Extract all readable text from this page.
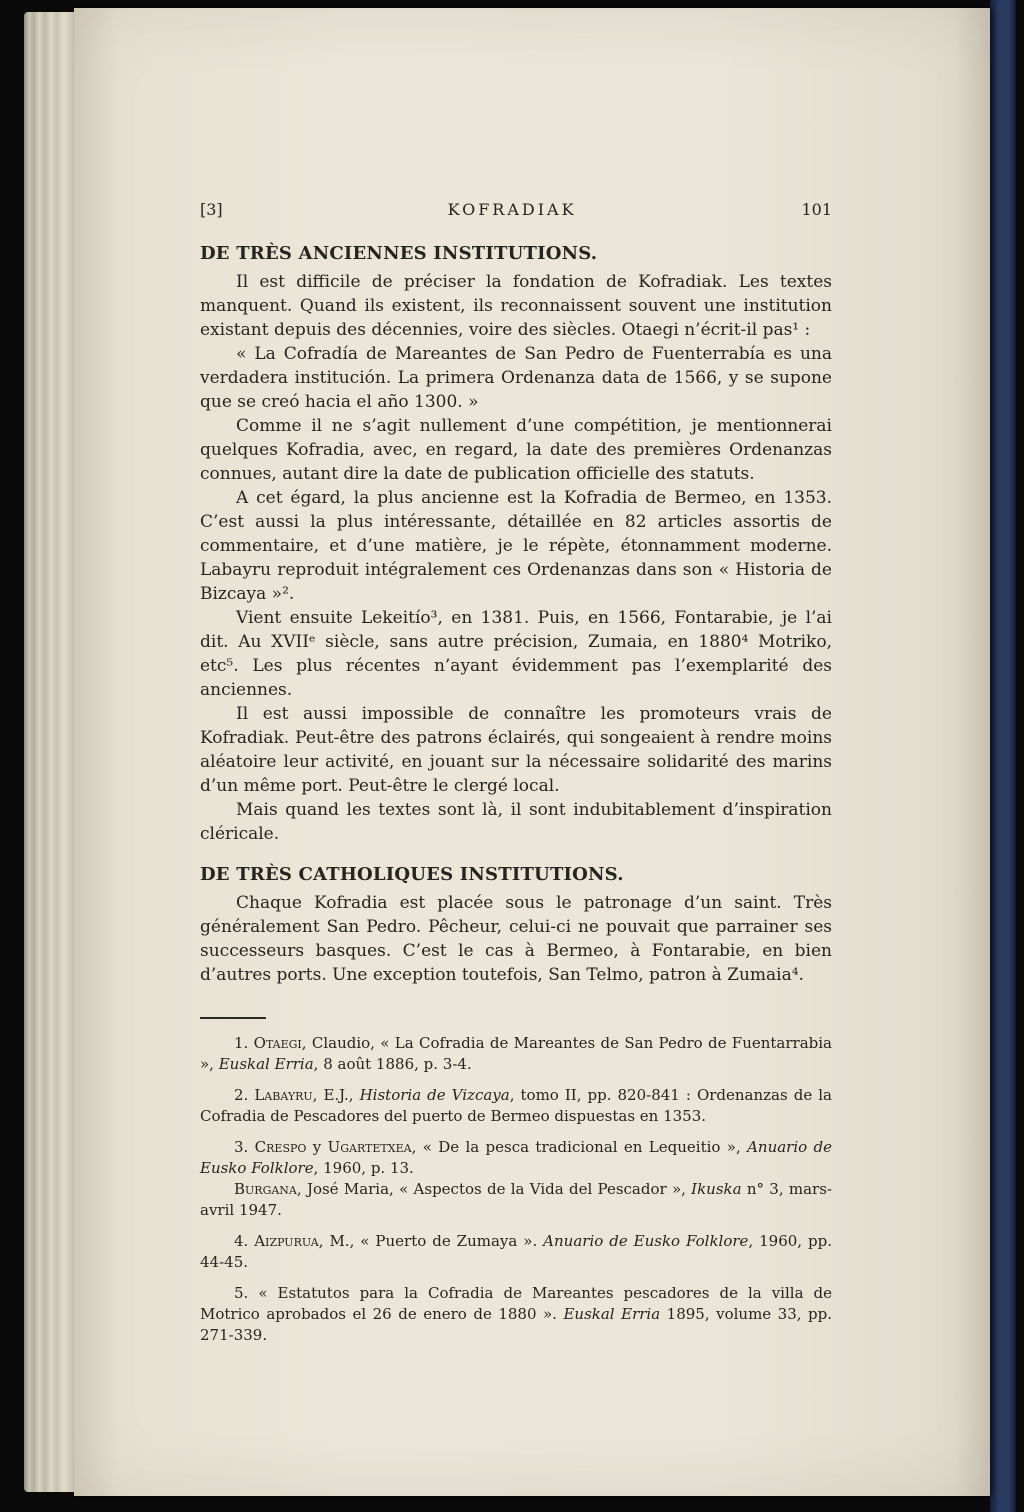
[3]	KOFRADIAK	101
DE TRÈS ANCIENNES INSTITUTIONS.

Il est difficile de préciser la fondation de Kofradiak. Les textes manquent. Quand ils existent, ils reconnaissent souvent une institution existant depuis des décennies, voire des siècles. Otaegi n’écrit-il pas¹ :

« La Cofradía de Mareantes de San Pedro de Fuenterrabía es una verdadera institución. La primera Ordenanza data de 1566, y se supone que se creó hacia el año 1300. »

Comme il ne s’agit nullement d’une compétition, je mentionnerai quelques Kofradia, avec, en regard, la date des premières Ordenanzas connues, autant dire la date de publication officielle des statuts.

A cet égard, la plus ancienne est la Kofradia de Bermeo, en 1353. C’est aussi la plus intéressante, détaillée en 82 articles assortis de commentaire, et d’une matière, je le répète, étonnamment moderne. Labayru reproduit intégralement ces Ordenanzas dans son « Historia de Bizcaya »².

Vient ensuite Lekeitío³, en 1381. Puis, en 1566, Fontarabie, je l’ai dit. Au XVIIᵉ siècle, sans autre précision, Zumaia, en 1880⁴ Motriko, etc⁵. Les plus récentes n’ayant évidemment pas l’exemplarité des anciennes.

Il est aussi impossible de connaître les promoteurs vrais de Kofradiak. Peut-être des patrons éclairés, qui songeaient à rendre moins aléatoire leur activité, en jouant sur la nécessaire solidarité des marins d’un même port. Peut-être le clergé local.

Mais quand les textes sont là, il sont indubitablement d’inspiration cléricale.

DE TRÈS CATHOLIQUES INSTITUTIONS.

Chaque Kofradia est placée sous le patronage d’un saint. Très généralement San Pedro. Pêcheur, celui-ci ne pouvait que parrainer ses successeurs basques. C’est le cas à Bermeo, à Fontarabie, en bien d’autres ports. Une exception toutefois, San Telmo, patron à Zumaia⁴.

1. Otaegi, Claudio, « La Cofradia de Mareantes de San Pedro de Fuentarrabia », Euskal Erria, 8 août 1886, p. 3-4.

2. Labayru, E.J., Historia de Vizcaya, tomo II, pp. 820-841 : Ordenanzas de la Cofradia de Pescadores del puerto de Bermeo dispuestas en 1353.

3. Crespo y Ugartetxea, « De la pesca tradicional en Lequeitio », Anuario de Eusko Folklore, 1960, p. 13.

Burgana, José Maria, « Aspectos de la Vida del Pescador », Ikuska n° 3, mars-avril 1947.

4. Aizpurua, M., « Puerto de Zumaya ». Anuario de Eusko Folklore, 1960, pp. 44-45.

5. « Estatutos para la Cofradia de Mareantes pescadores de la villa de Motrico aprobados el 26 de enero de 1880 ». Euskal Erria 1895, volume 33, pp. 271-339.
